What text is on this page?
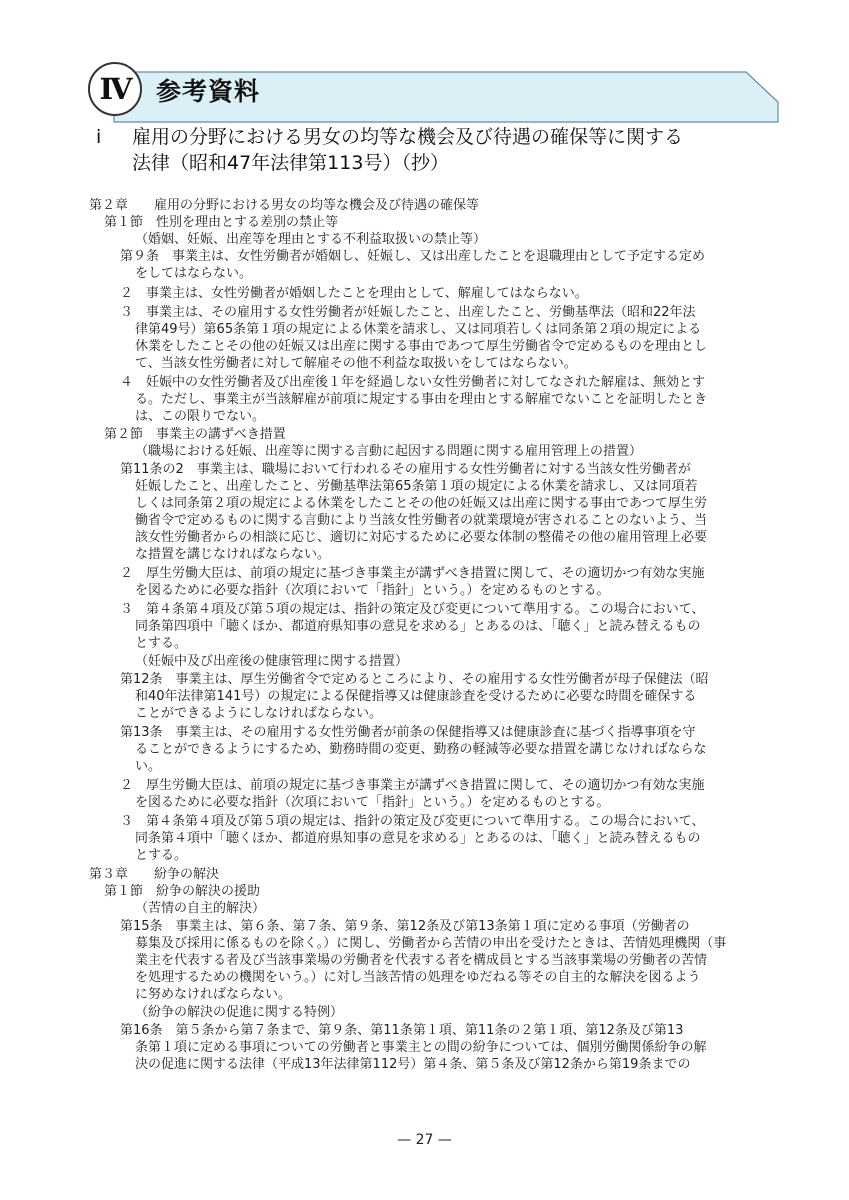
Ⅳ	参考資料
i	雇用の分野における男女の均等な機会及び待遇の確保等に関する
法律（昭和47年法律第113号）（抄）
第２章　　雇用の分野における男女の均等な機会及び待遇の確保等
第１節　性別を理由とする差別の禁止等
（婚姻、妊娠、出産等を理由とする不利益取扱いの禁止等）
第９条　事業主は、女性労働者が婚姻し、妊娠し、又は出産したことを退職理由として予定する定め
をしてはならない。
２　事業主は、女性労働者が婚姻したことを理由として、解雇してはならない。
３　事業主は、その雇用する女性労働者が妊娠したこと、出産したこと、労働基準法（昭和22年法
律第49号）第65条第１項の規定による休業を請求し、又は同項若しくは同条第２項の規定による
休業をしたことその他の妊娠又は出産に関する事由であつて厚生労働省令で定めるものを理由とし
て、当該女性労働者に対して解雇その他不利益な取扱いをしてはならない。
４　妊娠中の女性労働者及び出産後１年を経過しない女性労働者に対してなされた解雇は、無効とす
る。ただし、事業主が当該解雇が前項に規定する事由を理由とする解雇でないことを証明したとき
は、この限りでない。
第２節　事業主の講ずべき措置
（職場における妊娠、出産等に関する言動に起因する問題に関する雇用管理上の措置）
第11条の2　事業主は、職場において行われるその雇用する女性労働者に対する当該女性労働者が
妊娠したこと、出産したこと、労働基準法第65条第１項の規定による休業を請求し、又は同項若
しくは同条第２項の規定による休業をしたことその他の妊娠又は出産に関する事由であつて厚生労
働省令で定めるものに関する言動により当該女性労働者の就業環境が害されることのないよう、当
該女性労働者からの相談に応じ、適切に対応するために必要な体制の整備その他の雇用管理上必要
な措置を講じなければならない。
２　厚生労働大臣は、前項の規定に基づき事業主が講ずべき措置に関して、その適切かつ有効な実施
を図るために必要な指針（次項において「指針」という。）を定めるものとする。
３　第４条第４項及び第５項の規定は、指針の策定及び変更について準用する。この場合において、
同条第四項中「聴くほか、都道府県知事の意見を求める」とあるのは、「聴く」と読み替えるもの
とする。
（妊娠中及び出産後の健康管理に関する措置）
第12条　事業主は、厚生労働省令で定めるところにより、その雇用する女性労働者が母子保健法（昭
和40年法律第141号）の規定による保健指導又は健康診査を受けるために必要な時間を確保する
ことができるようにしなければならない。
第13条　事業主は、その雇用する女性労働者が前条の保健指導又は健康診査に基づく指導事項を守
ることができるようにするため、勤務時間の変更、勤務の軽減等必要な措置を講じなければならな
い。
２　厚生労働大臣は、前項の規定に基づき事業主が講ずべき措置に関して、その適切かつ有効な実施
を図るために必要な指針（次項において「指針」という。）を定めるものとする。
３　第４条第４項及び第５項の規定は、指針の策定及び変更について準用する。この場合において、
同条第４項中「聴くほか、都道府県知事の意見を求める」とあるのは、「聴く」と読み替えるもの
とする。
第３章　　紛争の解決
第１節　紛争の解決の援助
（苦情の自主的解決）
第15条　事業主は、第６条、第７条、第９条、第12条及び第13条第１項に定める事項（労働者の
募集及び採用に係るものを除く。）に関し、労働者から苦情の申出を受けたときは、苦情処理機関（事
業主を代表する者及び当該事業場の労働者を代表する者を構成員とする当該事業場の労働者の苦情
を処理するための機関をいう。）に対し当該苦情の処理をゆだねる等その自主的な解決を図るよう
に努めなければならない。
（紛争の解決の促進に関する特例）
第16条　第５条から第７条まで、第９条、第11条第１項、第11条の２第１項、第12条及び第13
条第１項に定める事項についての労働者と事業主との間の紛争については、個別労働関係紛争の解
決の促進に関する法律（平成13年法律第112号）第４条、第５条及び第12条から第19条までの
— 27 —
